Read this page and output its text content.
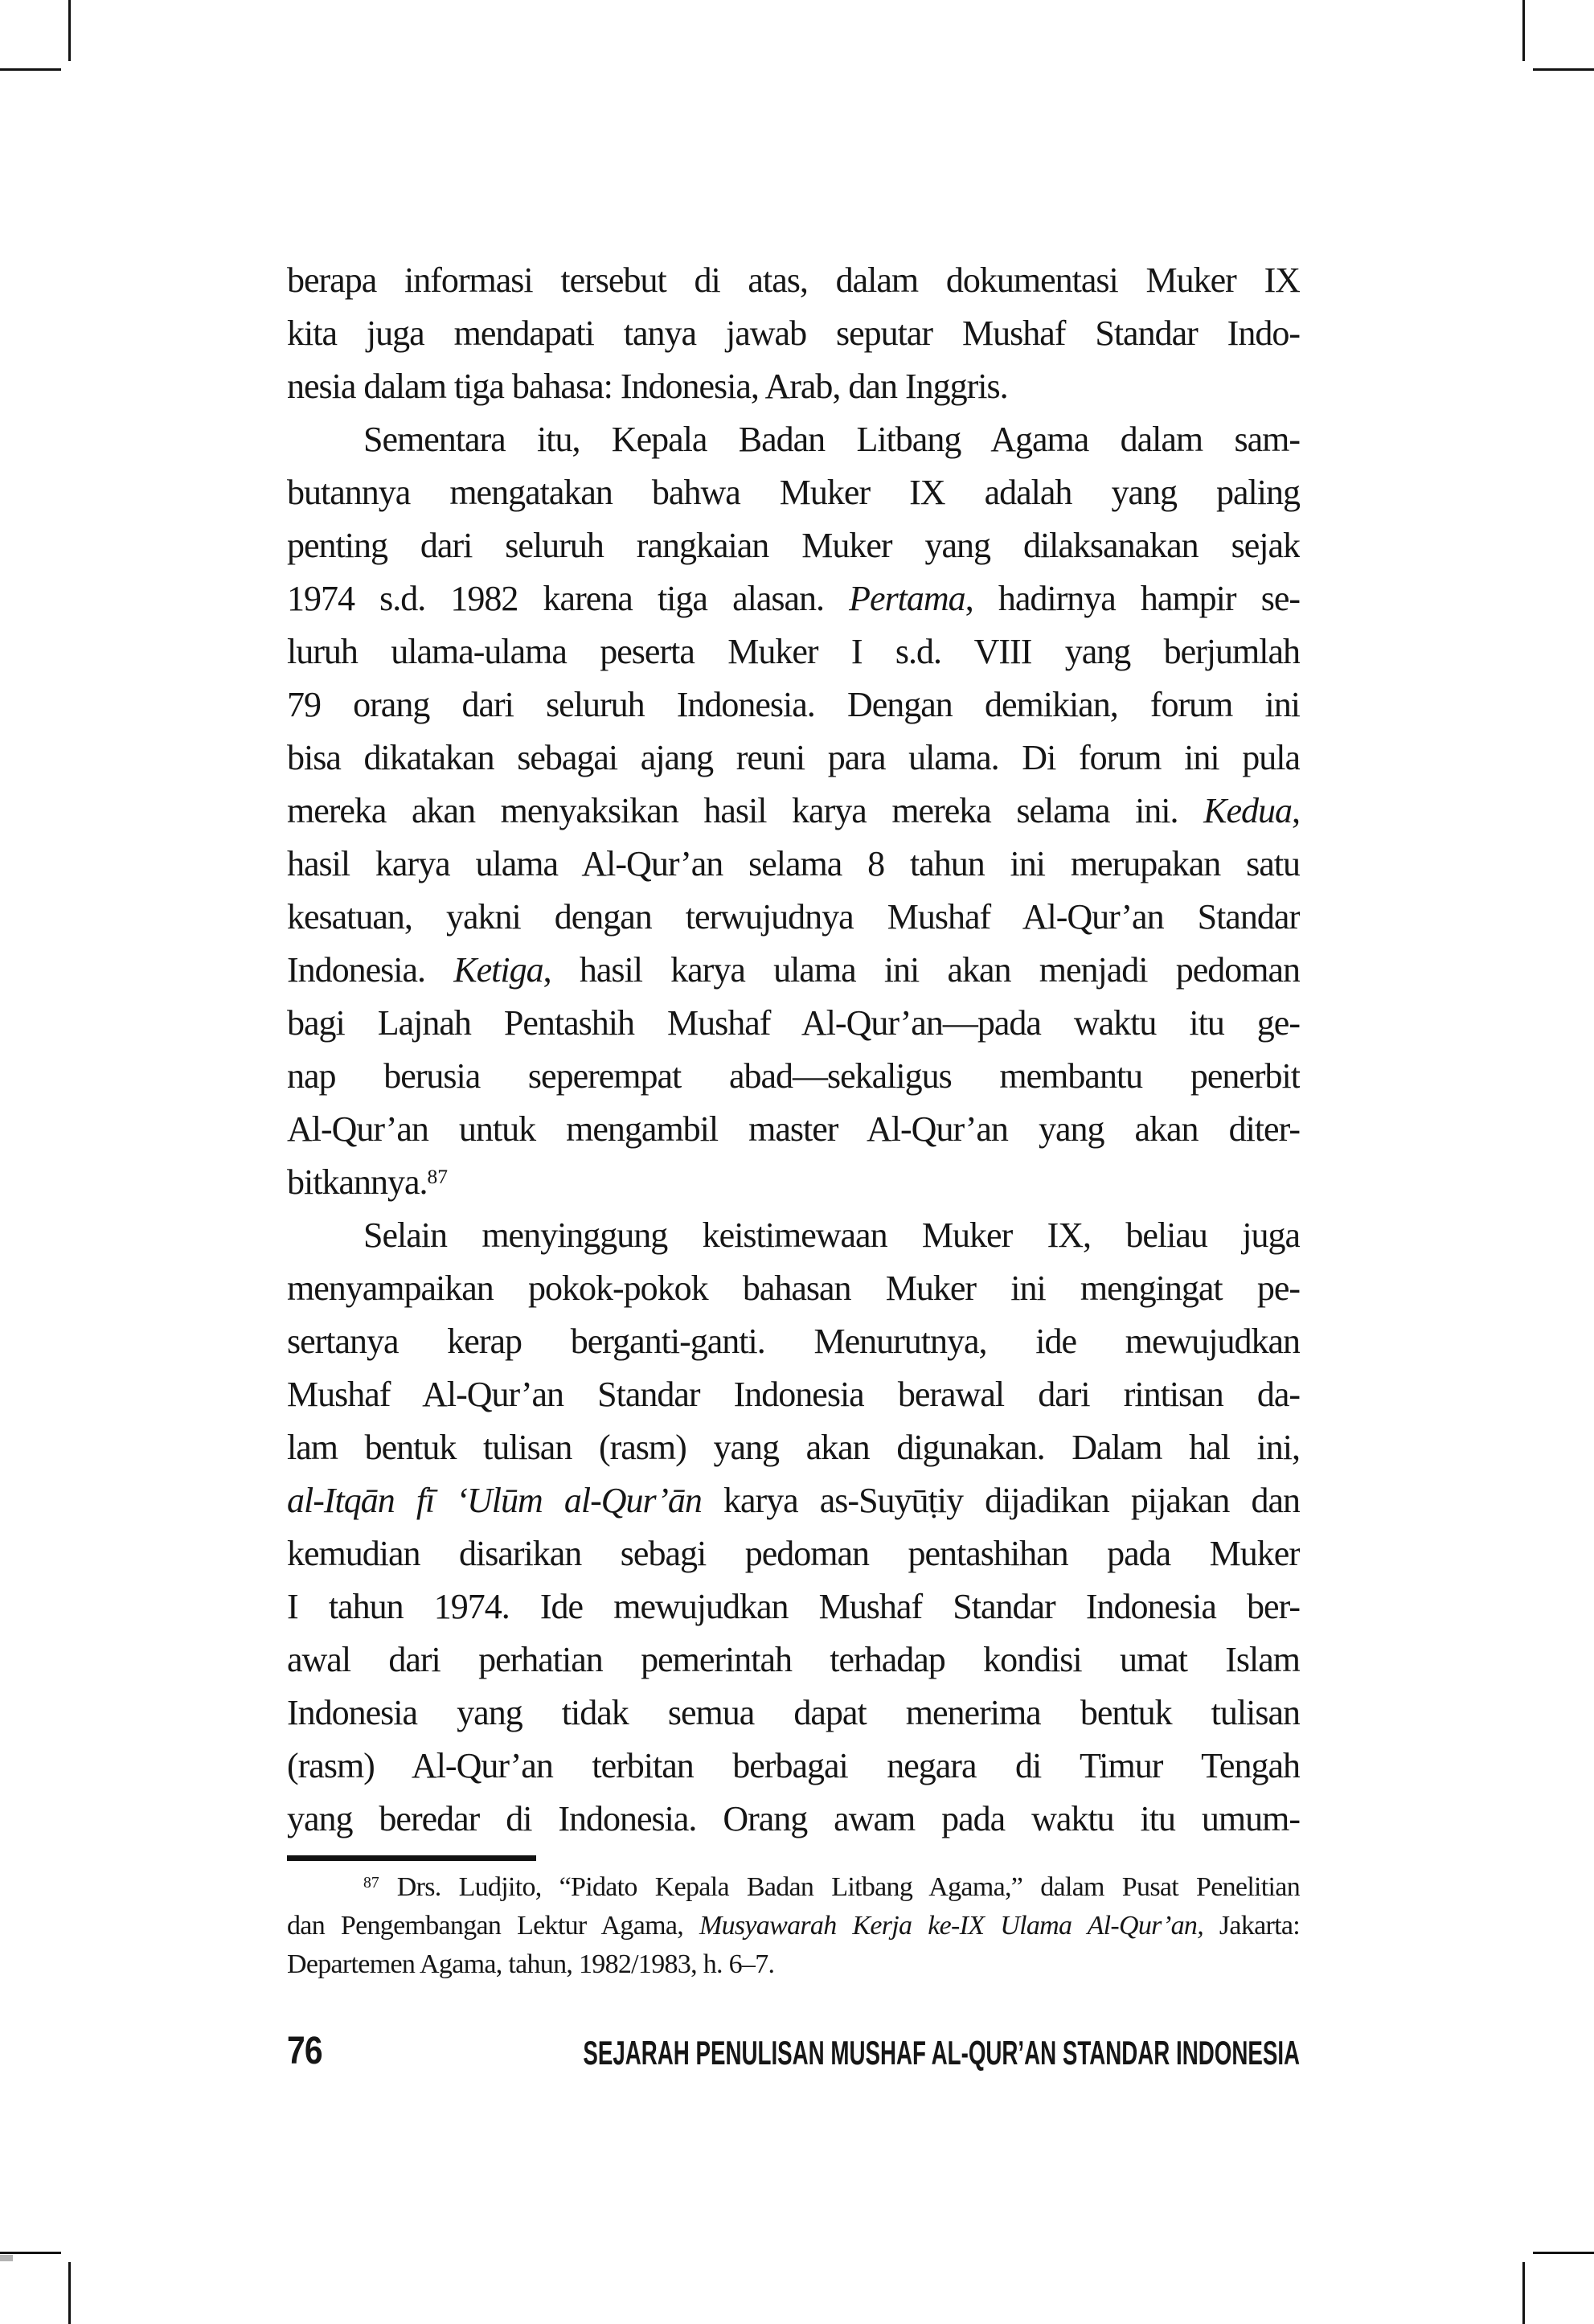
berapa informasi tersebut di atas, dalam dokumentasi Muker IX
kita juga mendapati tanya jawab seputar Mushaf Standar Indo-
nesia dalam tiga bahasa: Indonesia, Arab, dan Inggris.
Sementara itu, Kepala Badan Litbang Agama dalam sam-
butannya mengatakan bahwa Muker IX adalah yang paling
penting dari seluruh rangkaian Muker yang dilaksanakan sejak
1974 s.d. 1982 karena tiga alasan. Pertama, hadirnya hampir se-
luruh ulama-ulama peserta Muker I s.d. VIII yang berjumlah
79 orang dari seluruh Indonesia. Dengan demikian, forum ini
bisa dikatakan sebagai ajang reuni para ulama. Di forum ini pula
mereka akan menyaksikan hasil karya mereka selama ini. Kedua,
hasil karya ulama Al-Qur’an selama 8 tahun ini merupakan satu
kesatuan, yakni dengan terwujudnya Mushaf Al-Qur’an Standar
Indonesia. Ketiga, hasil karya ulama ini akan menjadi pedoman
bagi Lajnah Pentashih Mushaf Al-Qur’an—pada waktu itu ge-
nap berusia seperempat abad—sekaligus membantu penerbit
Al-Qur’an untuk mengambil master Al-Qur’an yang akan diter-
bitkannya.$^{87}$
Selain menyinggung keistimewaan Muker IX, beliau juga
menyampaikan pokok-pokok bahasan Muker ini mengingat pe-
sertanya kerap berganti-ganti. Menurutnya, ide mewujudkan
Mushaf Al-Qur’an Standar Indonesia berawal dari rintisan da-
lam bentuk tulisan (rasm) yang akan digunakan. Dalam hal ini,
al-Itqān fī ‘Ulūm al-Qur’ān karya as-Suyūṭiy dijadikan pijakan dan
kemudian disarikan sebagi pedoman pentashihan pada Muker
I tahun 1974. Ide mewujudkan Mushaf Standar Indonesia ber-
awal dari perhatian pemerintah terhadap kondisi umat Islam
Indonesia yang tidak semua dapat menerima bentuk tulisan
(rasm) Al-Qur’an terbitan berbagai negara di Timur Tengah
yang beredar di Indonesia. Orang awam pada waktu itu umum-
$^{87}$ Drs. Ludjito, “Pidato Kepala Badan Litbang Agama,” dalam Pusat Penelitian
dan Pengembangan Lektur Agama, Musyawarah Kerja ke-IX Ulama Al-Qur’an, Jakarta:
Departemen Agama, tahun, 1982/1983, h. 6–7.
76	SEJARAH PENULISAN MUSHAF AL-QUR’AN STANDAR INDONESIA
